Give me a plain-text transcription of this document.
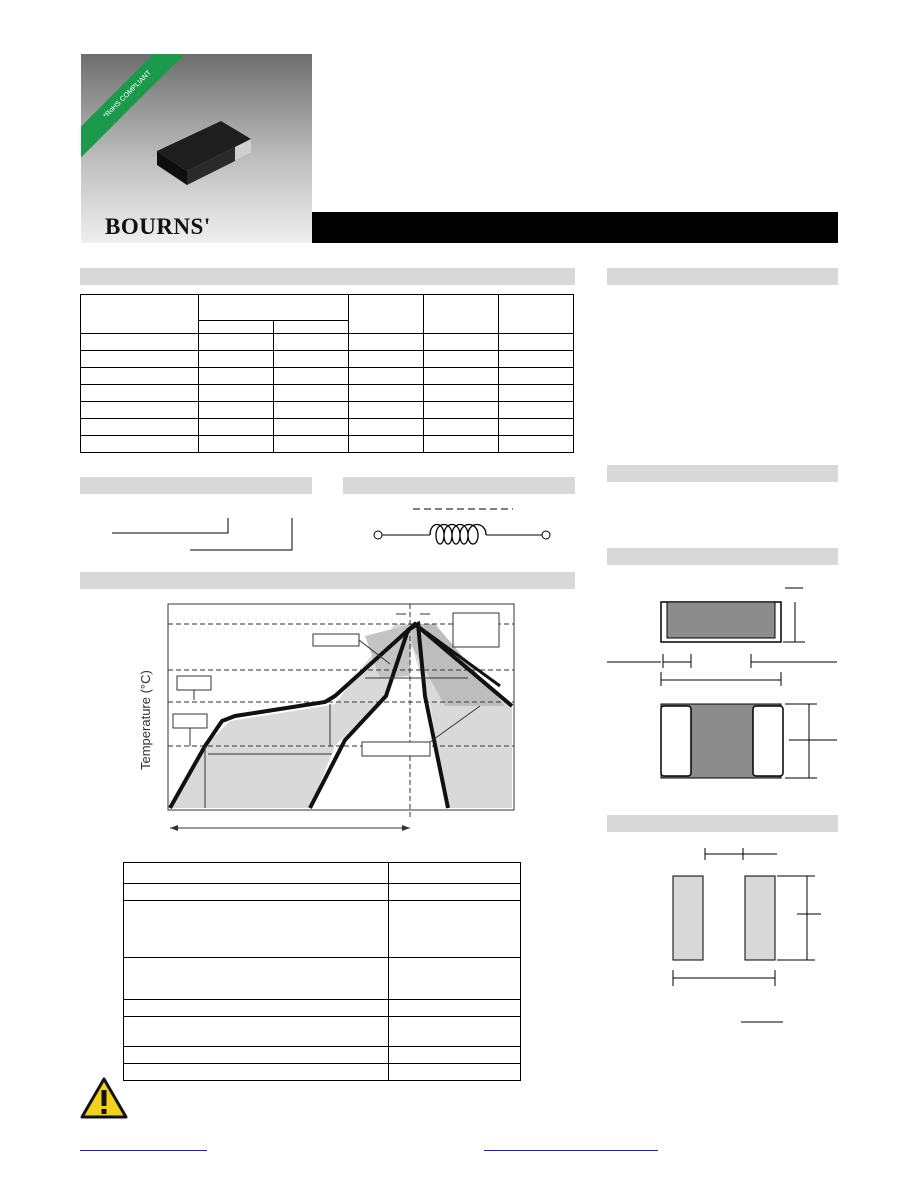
*RoHS COMPLIANT
BOURNS'

Temperature (°C)
